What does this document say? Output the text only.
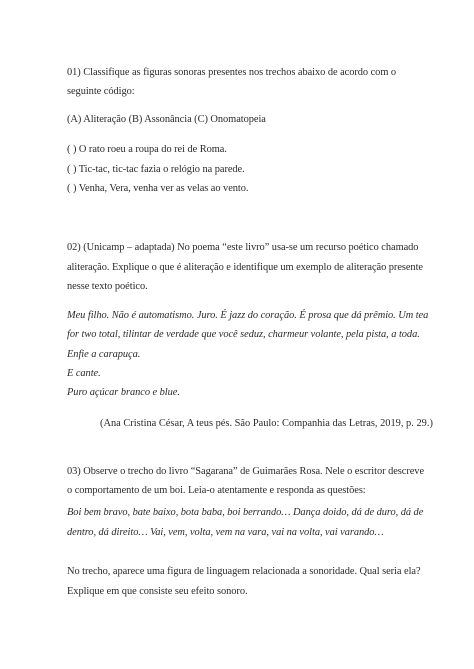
01) Classifique as figuras sonoras presentes nos trechos abaixo de acordo com o
seguinte código:
(A) Aliteração (B) Assonância (C) Onomatopeia
( ) O rato roeu a roupa do rei de Roma.
( ) Tic-tac, tic-tac fazia o relógio na parede.
( ) Venha, Vera, venha ver as velas ao vento.
02) (Unicamp – adaptada) No poema “este livro” usa-se um recurso poético chamado
aliteração. Explique o que é aliteração e identifique um exemplo de aliteração presente
nesse texto poético.
Meu filho. Não é automatismo. Juro. É jazz do coração. É prosa que dá prêmio. Um tea
for two total, tilintar de verdade que você seduz, charmeur volante, pela pista, a toda.
Enfie a carapuça.
E cante.
Puro açúcar branco e blue.
(Ana Cristina César, A teus pés. São Paulo: Companhia das Letras, 2019, p. 29.)
03) Observe o trecho do livro “Sagarana” de Guimarães Rosa. Nele o escritor descreve
o comportamento de um boi. Leia-o atentamente e responda as questões:
Boi bem bravo, bate baixo, bota baba, boi berrando… Dança doido, dá de duro, dá de
dentro, dá direito… Vai, vem, volta, vem na vara, vai na volta, vai varando…
No trecho, aparece uma figura de linguagem relacionada a sonoridade. Qual seria ela?
Explique em que consiste seu efeito sonoro.
